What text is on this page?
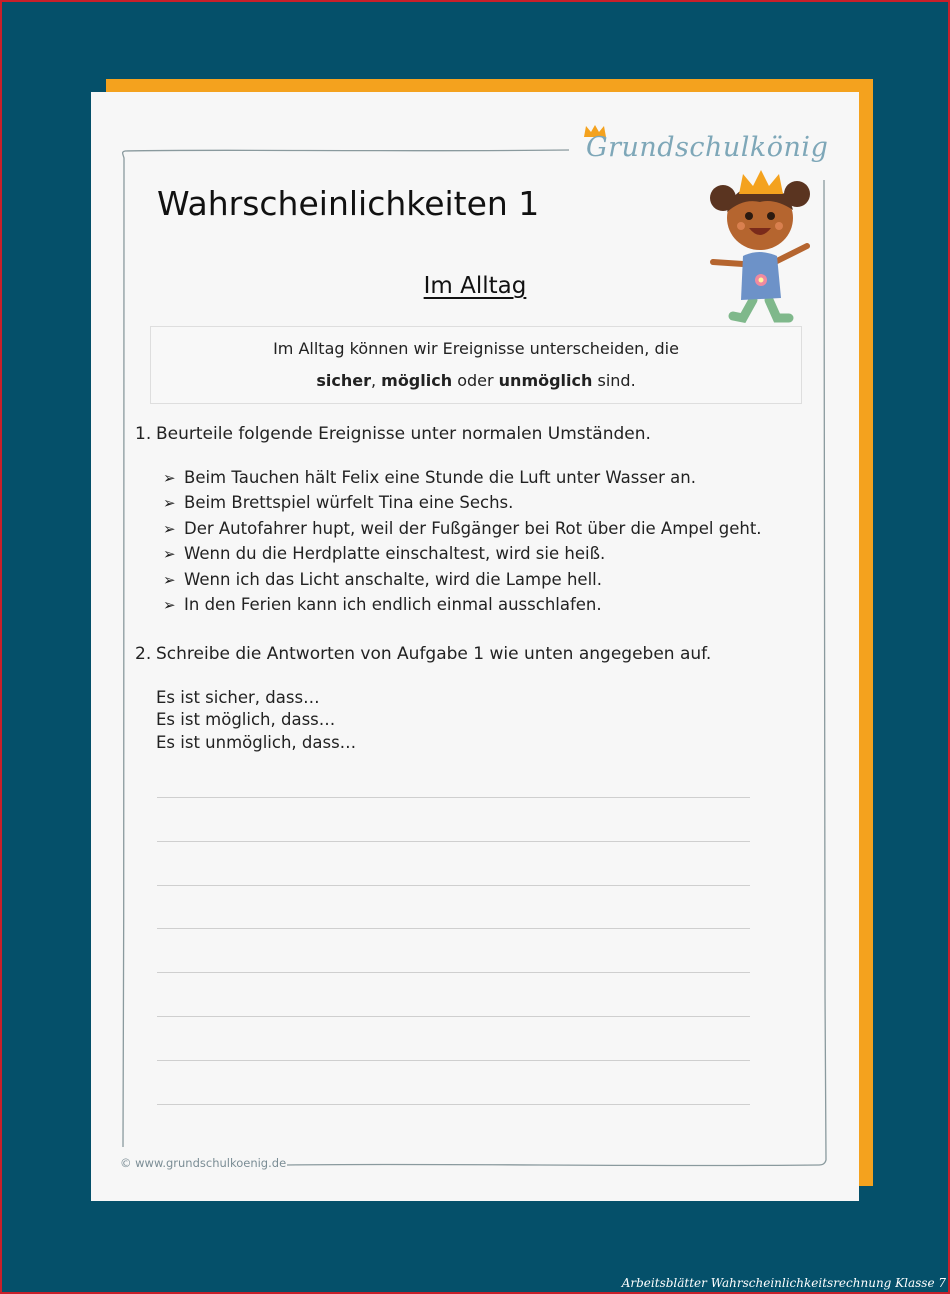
Grundschulkönig
Wahrscheinlichkeiten 1
Im Alltag
Im Alltag können wir Ereignisse unterscheiden, die
sicher, möglich oder unmöglich sind.
1. Beurteile folgende Ereignisse unter normalen Umständen.
➢ Beim Tauchen hält Felix eine Stunde die Luft unter Wasser an.
➢ Beim Brettspiel würfelt Tina eine Sechs.
➢ Der Autofahrer hupt, weil der Fußgänger bei Rot über die Ampel geht.
➢ Wenn du die Herdplatte einschaltest, wird sie heiß.
➢ Wenn ich das Licht anschalte, wird die Lampe hell.
➢ In den Ferien kann ich endlich einmal ausschlafen.
2. Schreibe die Antworten von Aufgabe 1 wie unten angegeben auf.
Es ist sicher, dass…
Es ist möglich, dass…
Es ist unmöglich, dass…
© www.grundschulkoenig.de
Arbeitsblätter Wahrscheinlichkeitsrechnung Klasse 7
